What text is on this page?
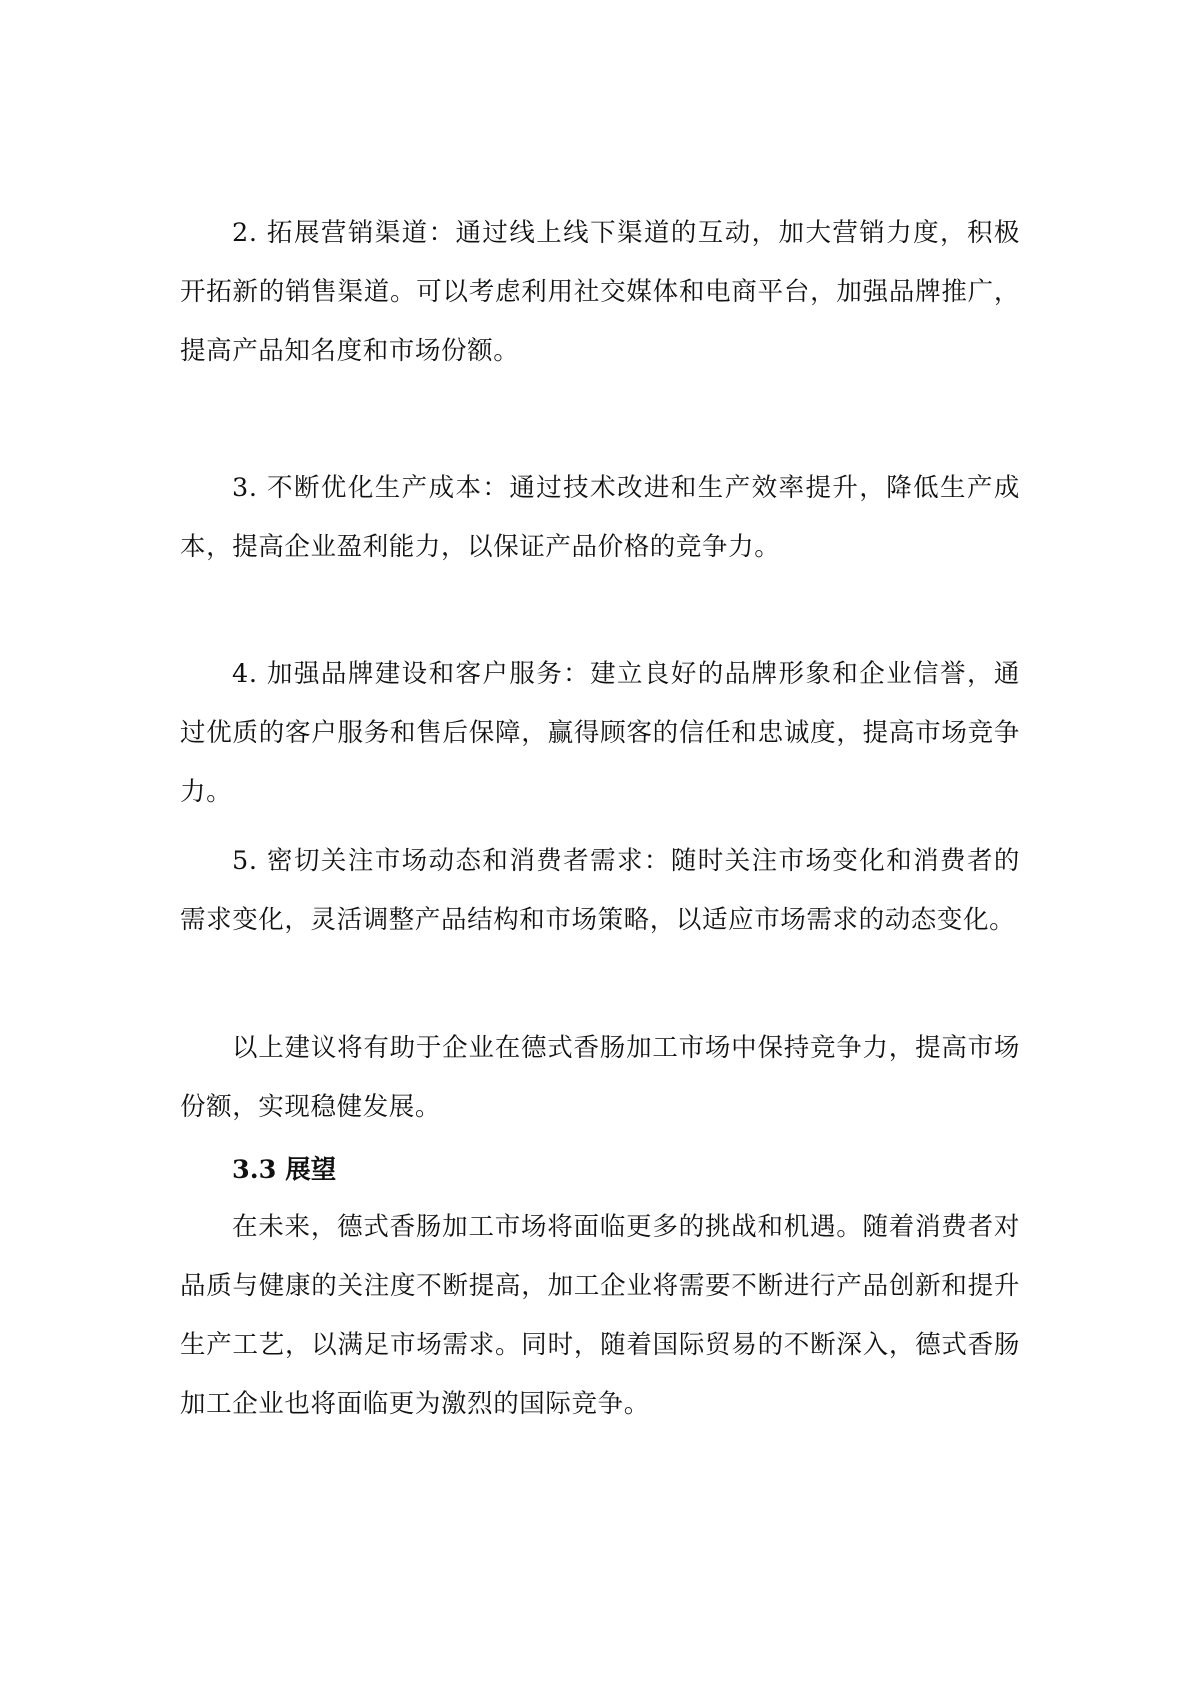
2. 拓展营销渠道：通过线上线下渠道的互动，加大营销力度，积极开拓新的销售渠道。可以考虑利用社交媒体和电商平台，加强品牌推广，提高产品知名度和市场份额。

3. 不断优化生产成本：通过技术改进和生产效率提升，降低生产成本，提高企业盈利能力，以保证产品价格的竞争力。

4. 加强品牌建设和客户服务：建立良好的品牌形象和企业信誉，通过优质的客户服务和售后保障，赢得顾客的信任和忠诚度，提高市场竞争力。

5. 密切关注市场动态和消费者需求：随时关注市场变化和消费者的需求变化，灵活调整产品结构和市场策略，以适应市场需求的动态变化。

以上建议将有助于企业在德式香肠加工市场中保持竞争力，提高市场份额，实现稳健发展。

3.3 展望

在未来，德式香肠加工市场将面临更多的挑战和机遇。随着消费者对品质与健康的关注度不断提高，加工企业将需要不断进行产品创新和提升生产工艺，以满足市场需求。同时，随着国际贸易的不断深入，德式香肠加工企业也将面临更为激烈的国际竞争。
